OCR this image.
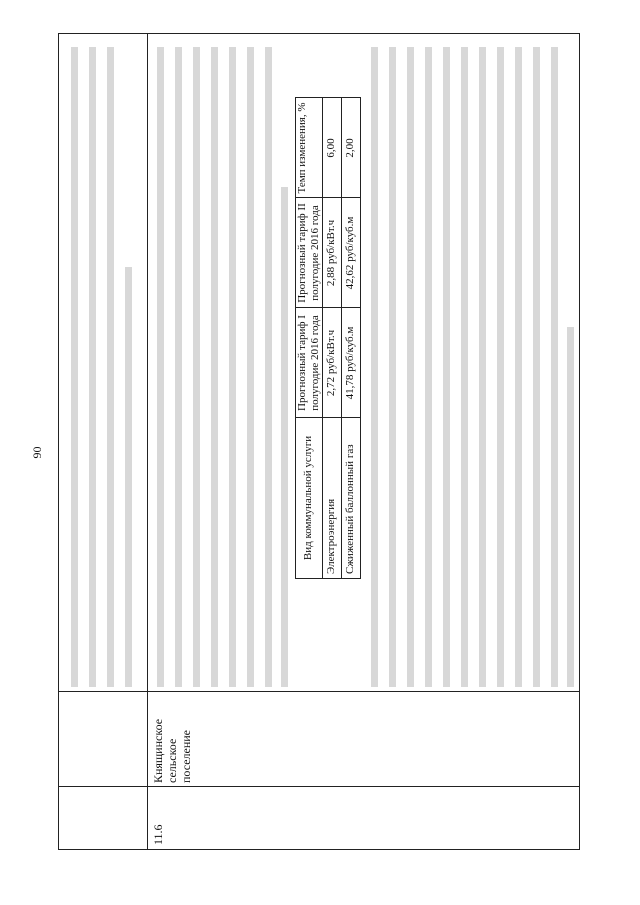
90
11.6
Княщинское сельское поселение
Вид коммунальной услуги
Прогнозный тариф I полугодие 2016 года
Прогнозный тариф II полугодие 2016 года
Темп изменения, %
Электроэнергия
2,72 руб/кВт.ч
2,88 руб/кВт.ч
6,00
Сжиженный баллонный газ
41,78 руб/куб.м
42,62 руб/куб.м
2,00
